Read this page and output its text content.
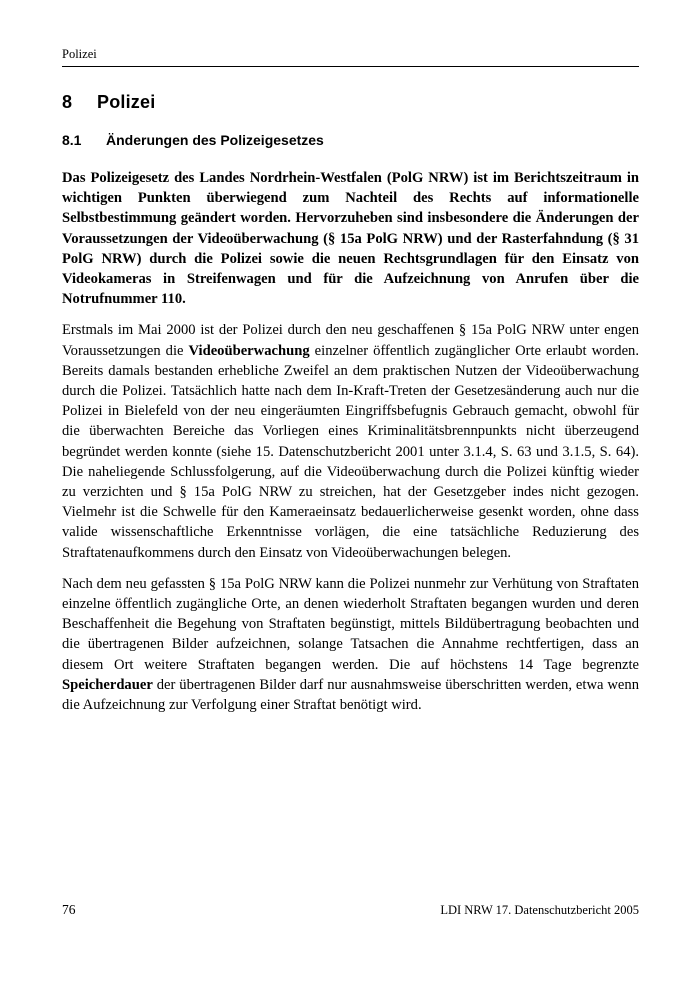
Polizei
8	Polizei
8.1	Änderungen des Polizeigesetzes

Das Polizeigesetz des Landes Nordrhein-Westfalen (PolG NRW) ist im Berichtszeitraum in wichtigen Punkten überwiegend zum Nachteil des Rechts auf informationelle Selbstbestimmung geändert worden. Hervorzuheben sind insbesondere die Änderungen der Voraussetzungen der Videoüberwachung (§ 15a PolG NRW) und der Rasterfahndung (§ 31 PolG NRW) durch die Polizei sowie die neuen Rechtsgrundlagen für den Einsatz von Videokameras in Streifenwagen und für die Aufzeichnung von Anrufen über die Notrufnummer 110.

Erstmals im Mai 2000 ist der Polizei durch den neu geschaffenen § 15a PolG NRW unter engen Voraussetzungen die Videoüberwachung einzelner öffentlich zugänglicher Orte erlaubt worden. Bereits damals bestanden erhebliche Zweifel an dem praktischen Nutzen der Videoüberwachung durch die Polizei. Tatsächlich hatte nach dem In-Kraft-Treten der Gesetzesänderung auch nur die Polizei in Bielefeld von der neu eingeräumten Eingriffsbefugnis Gebrauch gemacht, obwohl für die überwachten Bereiche das Vorliegen eines Kriminalitätsbrennpunkts nicht überzeugend begründet werden konnte (siehe 15. Datenschutzbericht 2001 unter 3.1.4, S. 63 und 3.1.5, S. 64). Die naheliegende Schlussfolgerung, auf die Videoüberwachung durch die Polizei künftig wieder zu verzichten und § 15a PolG NRW zu streichen, hat der Gesetzgeber indes nicht gezogen. Vielmehr ist die Schwelle für den Kameraeinsatz bedauerlicherweise gesenkt worden, ohne dass valide wissenschaftliche Erkenntnisse vorlägen, die eine tatsächliche Reduzierung des Straftatenaufkommens durch den Einsatz von Videoüberwachungen belegen.

Nach dem neu gefassten § 15a PolG NRW kann die Polizei nunmehr zur Verhütung von Straftaten einzelne öffentlich zugängliche Orte, an denen wiederholt Straftaten begangen wurden und deren Beschaffenheit die Begehung von Straftaten begünstigt, mittels Bildübertragung beobachten und die übertragenen Bilder aufzeichnen, solange Tatsachen die Annahme rechtfertigen, dass an diesem Ort weitere Straftaten begangen werden. Die auf höchstens 14 Tage begrenzte Speicherdauer der übertragenen Bilder darf nur ausnahmsweise überschritten werden, etwa wenn die Aufzeichnung zur Verfolgung einer Straftat benötigt wird.

76	LDI NRW 17. Datenschutzbericht 2005
